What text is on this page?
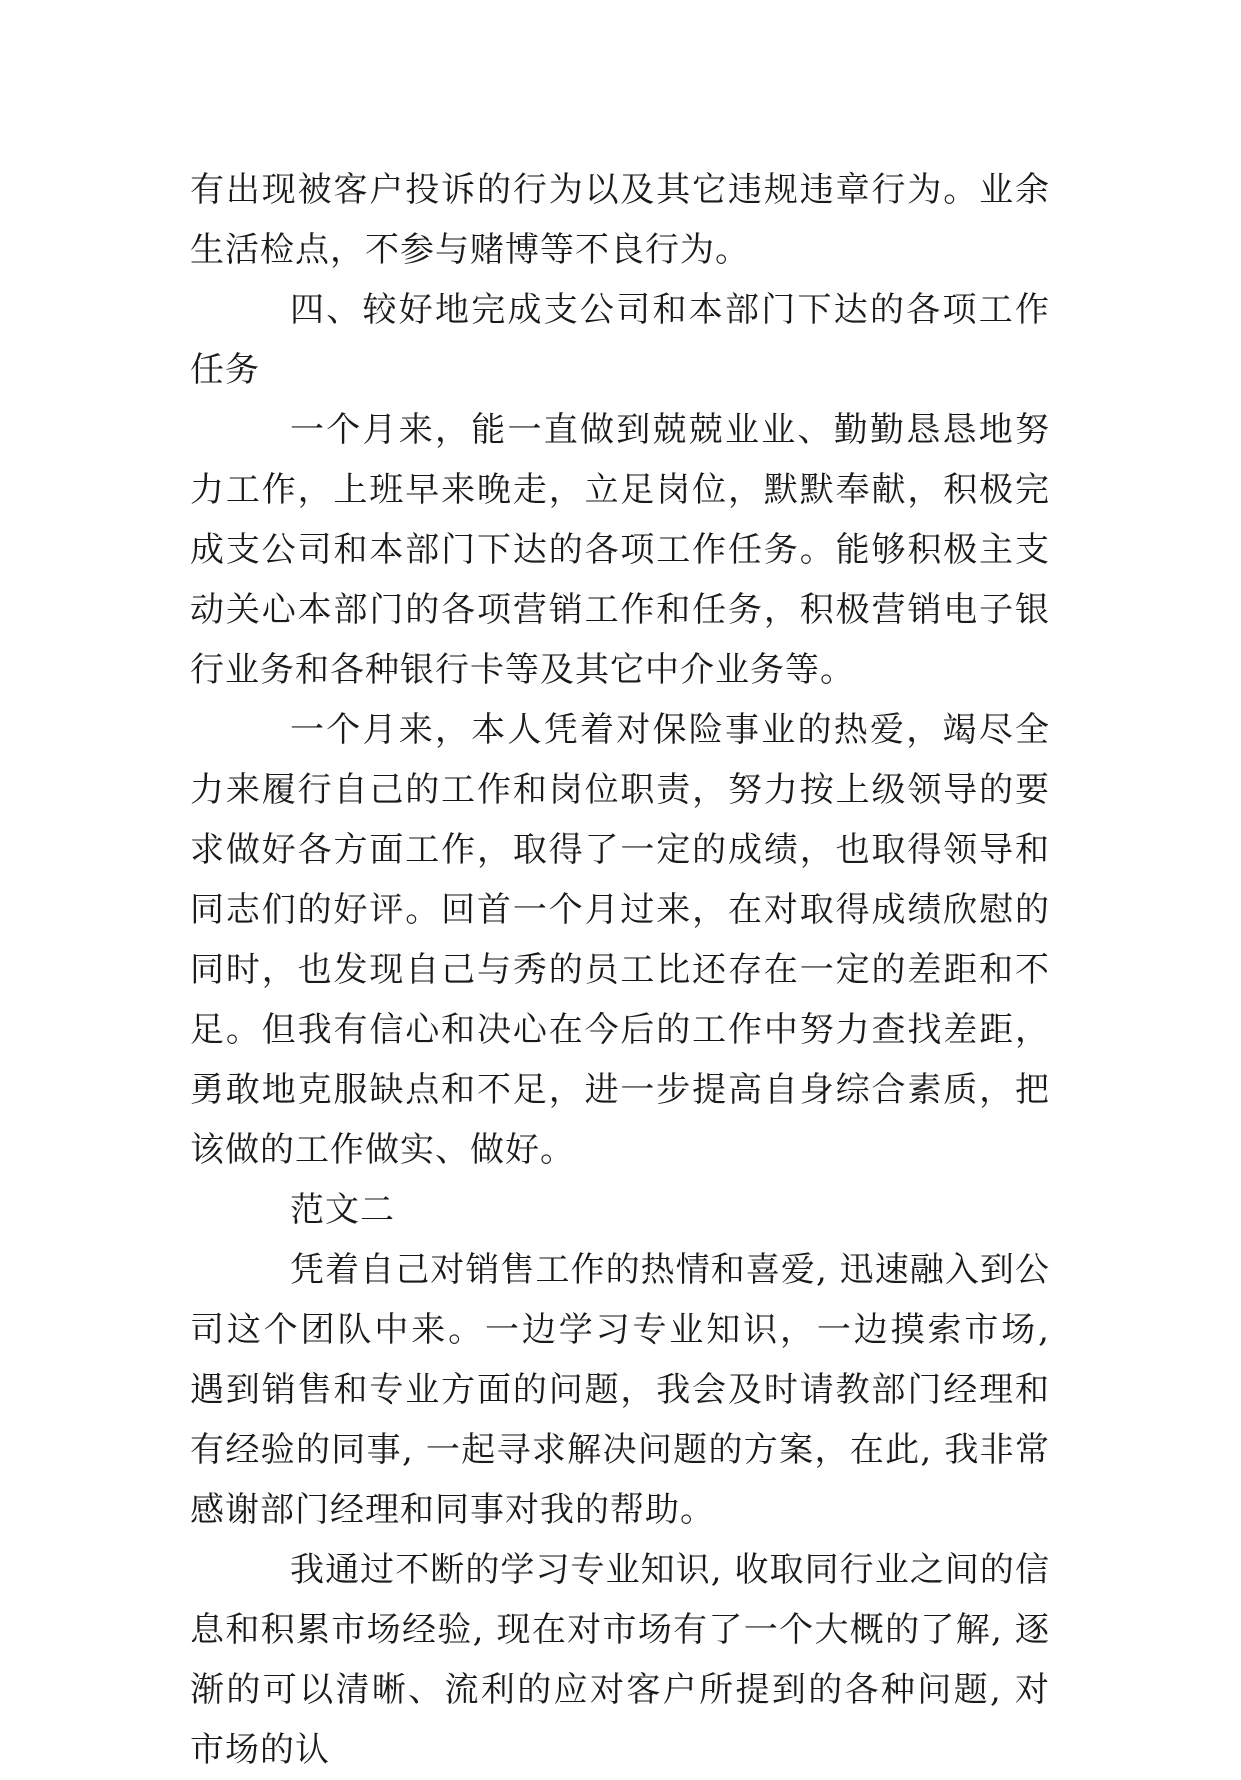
有出现被客户投诉的行为以及其它违规违章行为。业余生活检点，不参与赌博等不良行为。

四、较好地完成支公司和本部门下达的各项工作任务

一个月来，能一直做到兢兢业业、勤勤恳恳地努力工作，上班早来晚走，立足岗位，默默奉献，积极完成支公司和本部门下达的各项工作任务。能够积极主支动关心本部门的各项营销工作和任务，积极营销电子银行业务和各种银行卡等及其它中介业务等。

一个月来，本人凭着对保险事业的热爱，竭尽全力来履行自己的工作和岗位职责，努力按上级领导的要求做好各方面工作，取得了一定的成绩，也取得领导和同志们的好评。回首一个月过来，在对取得成绩欣慰的同时，也发现自己与秀的员工比还存在一定的差距和不足。但我有信心和决心在今后的工作中努力查找差距，勇敢地克服缺点和不足，进一步提高自身综合素质，把该做的工作做实、做好。

范文二

凭着自己对销售工作的热情和喜爱, 迅速融入到公司这个团队中来。一边学习专业知识，一边摸索市场, 遇到销售和专业方面的问题，我会及时请教部门经理和有经验的同事, 一起寻求解决问题的方案，在此, 我非常感谢部门经理和同事对我的帮助。

我通过不断的学习专业知识, 收取同行业之间的信息和积累市场经验, 现在对市场有了一个大概的了解, 逐渐的可以清晰、流利的应对客户所提到的各种问题, 对市场的认
